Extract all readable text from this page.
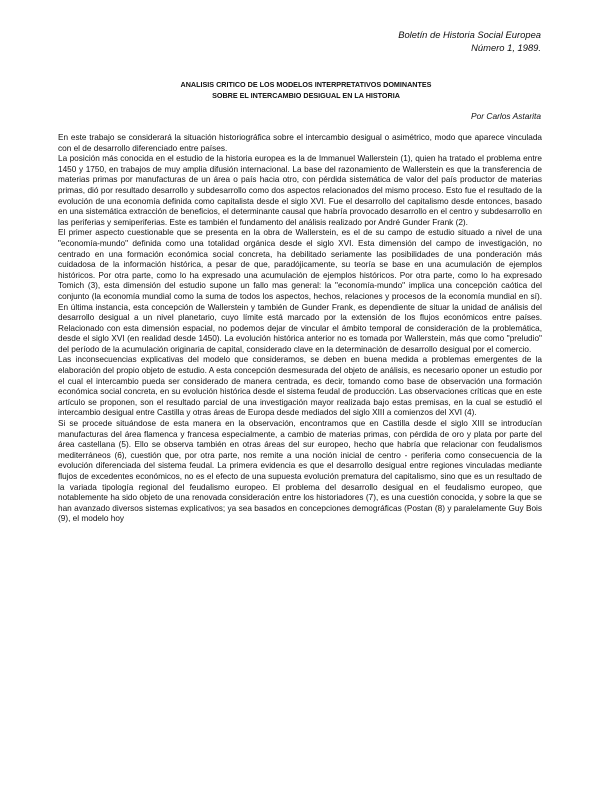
Boletín de Historia Social Europea
Número 1, 1989.
ANALISIS CRITICO DE LOS MODELOS INTERPRETATIVOS DOMINANTES
SOBRE EL INTERCAMBIO DESIGUAL EN LA HISTORIA
Por Carlos Astarita

En este trabajo se considerará la situación historiográfica sobre el intercambio desigual o asimétrico, modo que aparece vinculada con el de desarrollo diferenciado entre países.

La posición más conocida en el estudio de la historia europea es la de Immanuel Wallerstein (1), quien ha tratado el problema entre 1450 y 1750, en trabajos de muy amplia difusión internacional. La base del razonamiento de Wallerstein es que la transferencia de materias primas por manufacturas de un área o país hacia otro, con pérdida sistemática de valor del país productor de materias primas, dió por resultado desarrollo y subdesarrollo como dos aspectos relacionados del mismo proceso. Esto fue el resultado de la evolución de una economía definida como capitalista desde el siglo XVI. Fue el desarrollo del capitalismo desde entonces, basado en una sistemática extracción de beneficios, el determinante causal que habría provocado desarrollo en el centro y subdesarrollo en las periferias y semiperiferias. Este es también el fundamento del análisis realizado por André Gunder Frank (2).

El primer aspecto cuestionable que se presenta en la obra de Wallerstein, es el de su campo de estudio situado a nivel de una "economía-mundo" definida como una totalidad orgánica desde el siglo XVI. Esta dimensión del campo de investigación, no centrado en una formación económica social concreta, ha debilitado seriamente las posibilidades de una ponderación más cuidadosa de la información histórica, a pesar de que, paradójicamente, su teoría se base en una acumulación de ejemplos históricos. Por otra parte, como lo ha expresado una acumulación de ejemplos históricos. Por otra parte, como lo ha expresado Tomich (3), esta dimensión del estudio supone un fallo mas general: la "economía-mundo" implica una concepción caótica del conjunto (la economía mundial como la suma de todos los aspectos, hechos, relaciones y procesos de la economía mundial en sí). En última instancia, esta concepción de Wallerstein y también de Gunder Frank, es dependiente de situar la unidad de análisis del desarrollo desigual a un nivel planetario, cuyo límite está marcado por la extensión de los flujos económicos entre países. Relacionado con esta dimensión espacial, no podemos dejar de vincular el ámbito temporal de consideración de la problemática, desde el siglo XVI (en realidad desde 1450). La evolución histórica anterior no es tomada por Wallerstein, más que como "preludio" del período de la acumulación originaria de capital, considerado clave en la determinación de desarrollo desigual por el comercio.

Las inconsecuencias explicativas del modelo que consideramos, se deben en buena medida a problemas emergentes de la elaboración del propio objeto de estudio. A esta concepción desmesurada del objeto de análisis, es necesario oponer un estudio por el cual el intercambio pueda ser considerado de manera centrada, es decir, tomando como base de observación una formación económica social concreta, en su evolución histórica desde el sistema feudal de producción. Las observaciones críticas que en este artículo se proponen, son el resultado parcial de una investigación mayor realizada bajo estas premisas, en la cual se estudió el intercambio desigual entre Castilla y otras áreas de Europa desde mediados del siglo XIII a comienzos del XVI (4).

Si se procede situándose de esta manera en la observación, encontramos que en Castilla desde el siglo XIII se introducían manufacturas del área flamenca y francesa especialmente, a cambio de materias primas, con pérdida de oro y plata por parte del área castellana (5). Ello se observa también en otras áreas del sur europeo, hecho que habría que relacionar con feudalismos mediterráneos (6), cuestión que, por otra parte, nos remite a una noción inicial de centro - periferia como consecuencia de la evolución diferenciada del sistema feudal. La primera evidencia es que el desarrollo desigual entre regiones vinculadas mediante flujos de excedentes económicos, no es el efecto de una supuesta evolución prematura del capitalismo, sino que es un resultado de la variada tipología regional del feudalismo europeo. El problema del desarrollo desigual en el feudalismo europeo, que notablemente ha sido objeto de una renovada consideración entre los historiadores (7), es una cuestión conocida, y sobre la que se han avanzado diversos sistemas explicativos; ya sea basados en concepciones demográficas (Postan (8) y paralelamente Guy Bois (9), el modelo hoy
